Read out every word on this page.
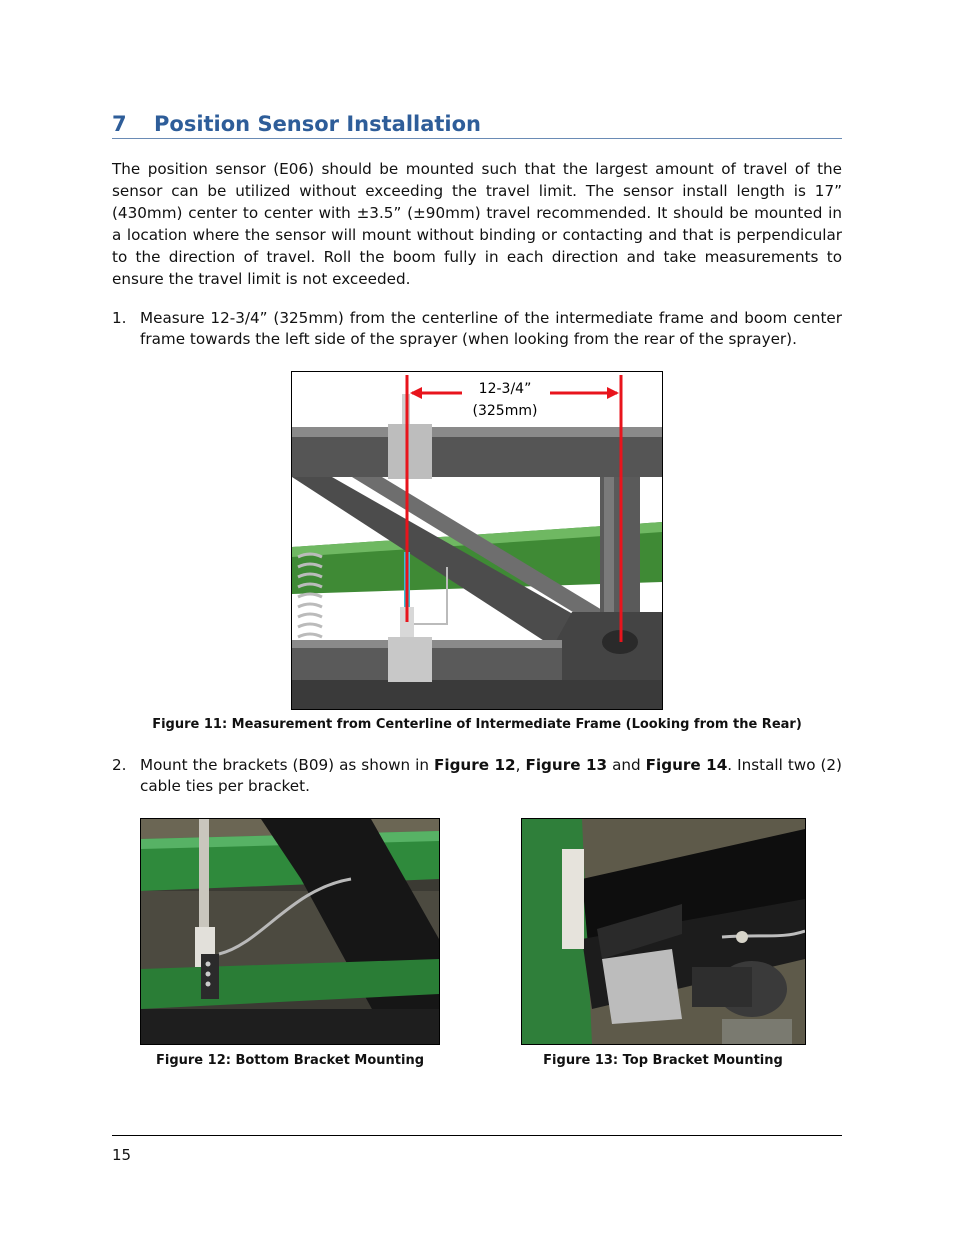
7 Position Sensor Installation

The position sensor (E06) should be mounted such that the largest amount of travel of the sensor can be utilized without exceeding the travel limit. The sensor install length is 17” (430mm) center to center with ±3.5” (±90mm) travel recommended. It should be mounted in a location where the sensor will mount without binding or contacting and that is perpendicular to the direction of travel. Roll the boom fully in each direction and take measurements to ensure the travel limit is not exceeded.

1. Measure 12-3/4” (325mm) from the centerline of the intermediate frame and boom center frame towards the left side of the sprayer (when looking from the rear of the sprayer).
12-3/4”
(325mm)
Figure 11: Measurement from Centerline of Intermediate Frame (Looking from the Rear)
2. Mount the brackets (B09) as shown in Figure 12, Figure 13 and Figure 14. Install two (2) cable ties per bracket.
Figure 12: Bottom Bracket Mounting	Figure 13: Top Bracket Mounting
15
